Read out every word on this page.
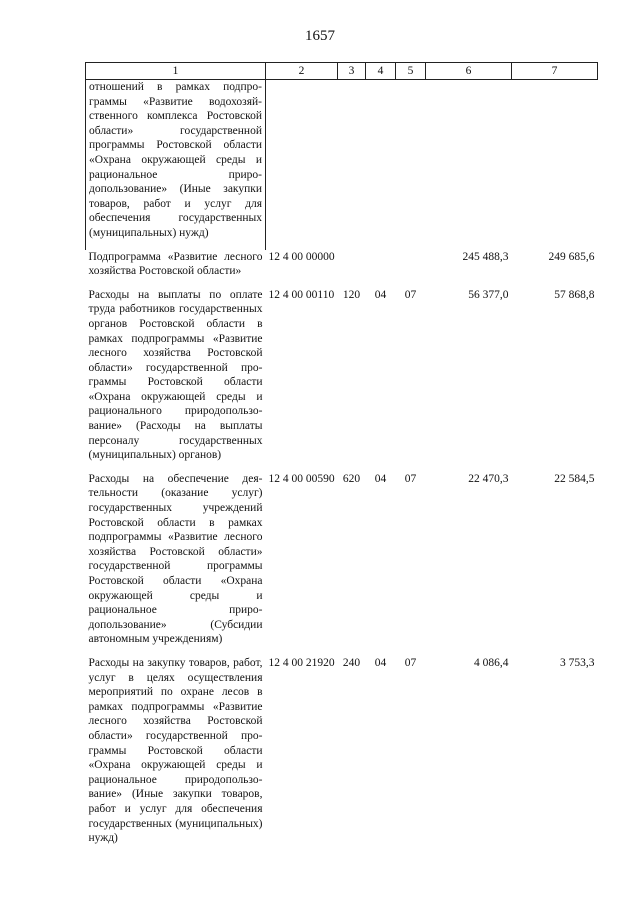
1657
1	2	3	4	5	6	7
отношений в рамках подпрограммы «Развитие водохозяйственного комплекса Ростовской области» государственной программы Ростовской области «Охрана окружающей среды и рациональное природопользование» (Иные закупки товаров, работ и услуг для обеспечения государственных (муниципальных) нужд)						
Подпрограмма «Развитие лесного хозяйства Ростовской области»	12 4 00 00000				245 488,3	249 685,6
Расходы на выплаты по оплате труда работников государственных органов Ростовской области в рамках подпрограммы «Развитие лесного хозяйства Ростовской области» государственной программы Ростовской области «Охрана окружающей среды и рационального природопользование» (Расходы на выплаты персоналу государственных (муниципальных) органов)	12 4 00 00110	120	04	07	56 377,0	57 868,8
Расходы на обеспечение деятельности (оказание услуг) государственных учреждений Ростовской области в рамках подпрограммы «Развитие лесного хозяйства Ростовской области» государственной программы Ростовской области «Охрана окружающей среды и рациональное природопользование» (Субсидии автономным учреждениям)	12 4 00 00590	620	04	07	22 470,3	22 584,5
Расходы на закупку товаров, работ, услуг в целях осуществления мероприятий по охране лесов в рамках подпрограммы «Развитие лесного хозяйства Ростовской области» государственной программы Ростовской области «Охрана окружающей среды и рациональное природопользование» (Иные закупки товаров, работ и услуг для обеспечения государственных (муниципальных) нужд)	12 4 00 21920	240	04	07	4 086,4	3 753,3
